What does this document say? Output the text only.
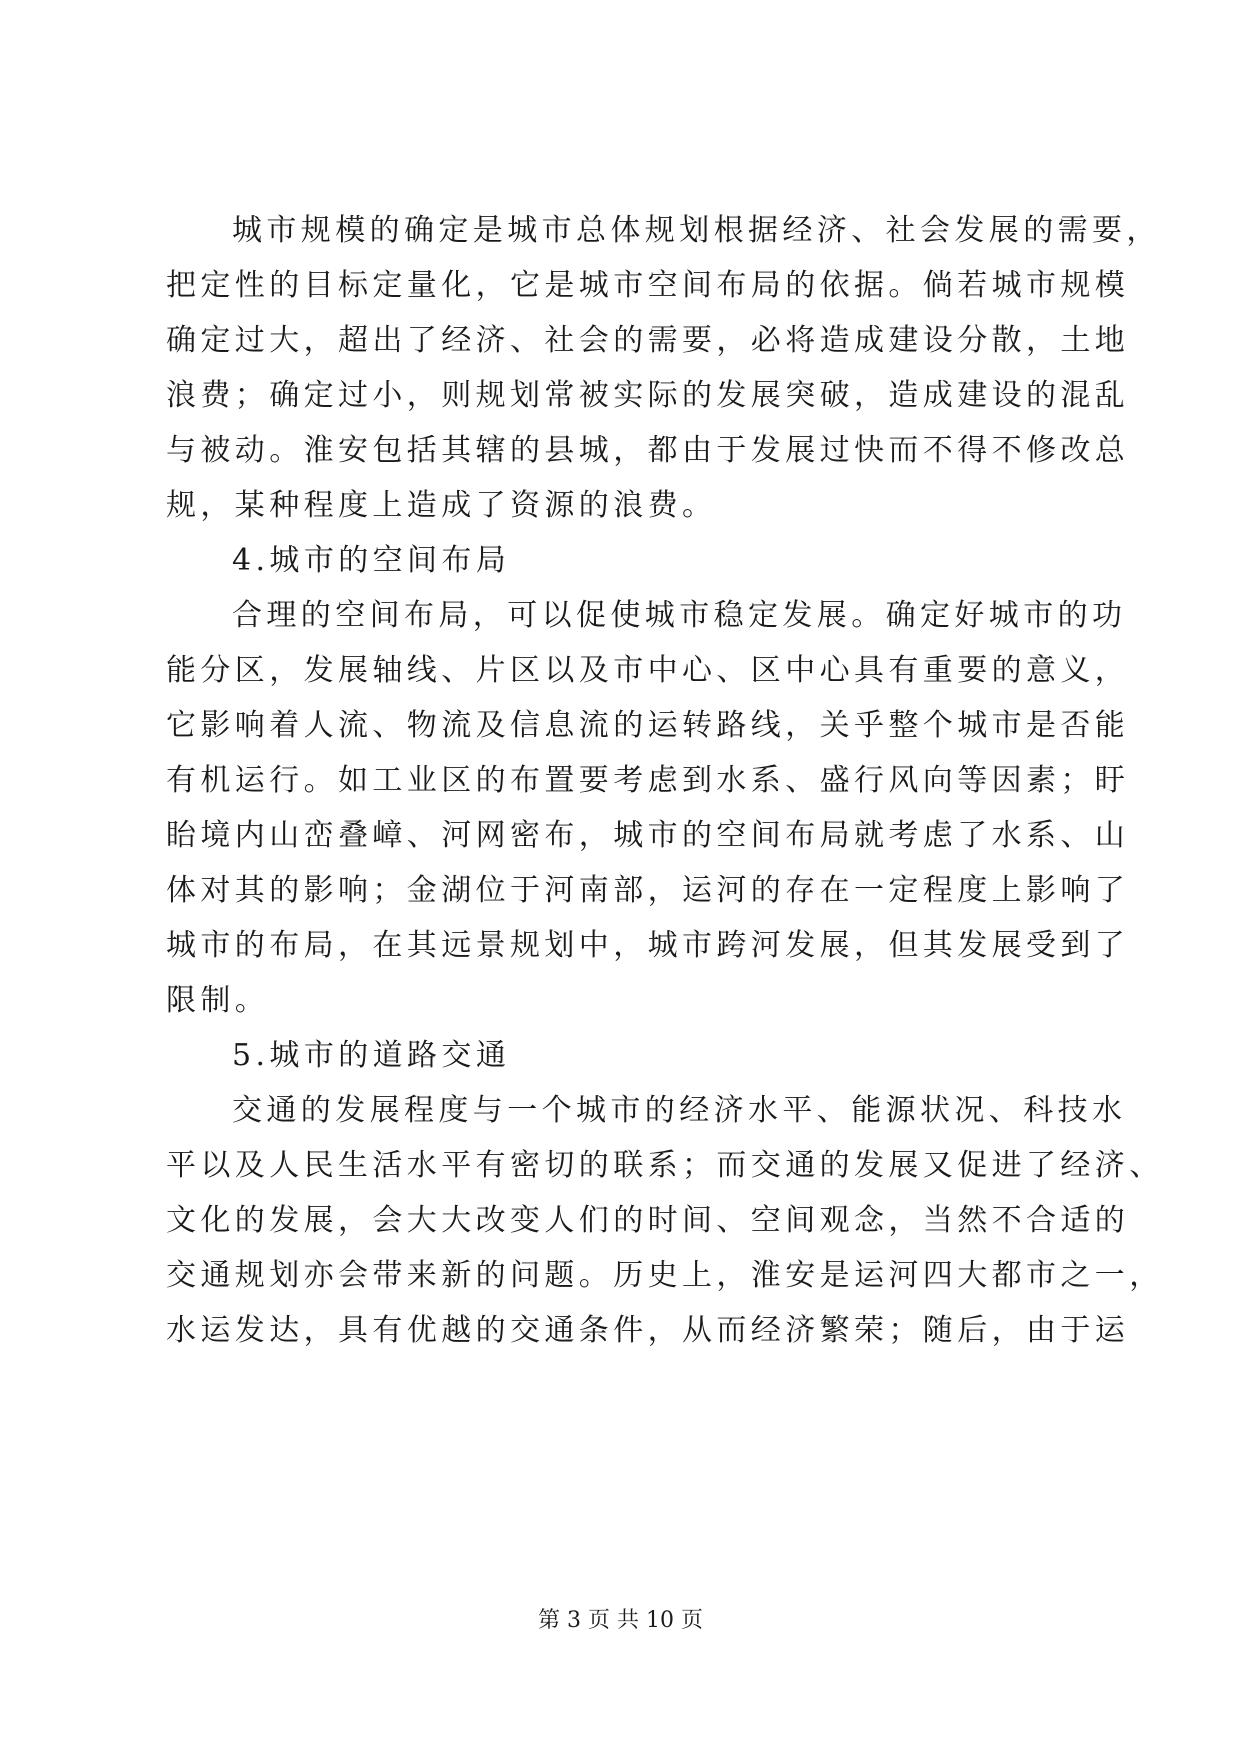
城市规模的确定是城市总体规划根据经济、社会发展的需要，

把定性的目标定量化，它是城市空间布局的依据。倘若城市规模

确定过大，超出了经济、社会的需要，必将造成建设分散，土地

浪费；确定过小，则规划常被实际的发展突破，造成建设的混乱

与被动。淮安包括其辖的县城，都由于发展过快而不得不修改总

规，某种程度上造成了资源的浪费。

4.城市的空间布局

合理的空间布局，可以促使城市稳定发展。确定好城市的功

能分区，发展轴线、片区以及市中心、区中心具有重要的意义，

它影响着人流、物流及信息流的运转路线，关乎整个城市是否能

有机运行。如工业区的布置要考虑到水系、盛行风向等因素；盱

眙境内山峦叠嶂、河网密布，城市的空间布局就考虑了水系、山

体对其的影响；金湖位于河南部，运河的存在一定程度上影响了

城市的布局，在其远景规划中，城市跨河发展，但其发展受到了

限制。

5.城市的道路交通

交通的发展程度与一个城市的经济水平、能源状况、科技水

平以及人民生活水平有密切的联系；而交通的发展又促进了经济、

文化的发展，会大大改变人们的时间、空间观念，当然不合适的

交通规划亦会带来新的问题。历史上，淮安是运河四大都市之一，

水运发达，具有优越的交通条件，从而经济繁荣；随后，由于运

第 3 页 共 10 页
